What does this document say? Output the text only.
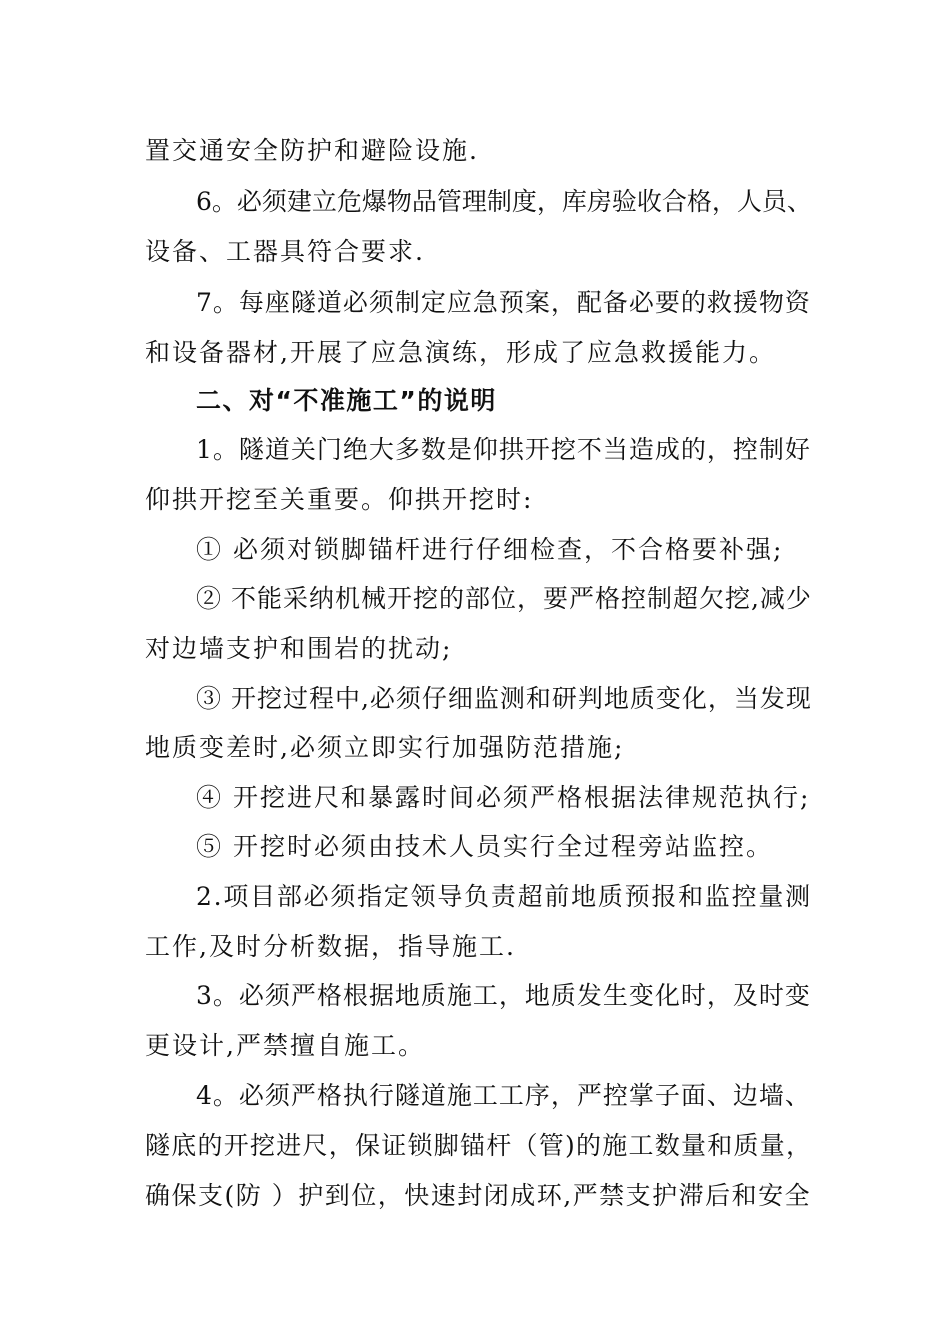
置交通安全防护和避险设施.
6。必须建立危爆物品管理制度，库房验收合格，人员、
设备、工器具符合要求.
7。每座隧道必须制定应急预案，配备必要的救援物资
和设备器材,开展了应急演练，形成了应急救援能力。
二、对“不准施工”的说明
1。隧道关门绝大多数是仰拱开挖不当造成的，控制好
仰拱开挖至关重要。仰拱开挖时:
① 必须对锁脚锚杆进行仔细检查，不合格要补强;
② 不能采纳机械开挖的部位，要严格控制超欠挖,减少
对边墙支护和围岩的扰动;
③ 开挖过程中,必须仔细监测和研判地质变化，当发现
地质变差时,必须立即实行加强防范措施;
④ 开挖进尺和暴露时间必须严格根据法律规范执行;
⑤ 开挖时必须由技术人员实行全过程旁站监控。
2.项目部必须指定领导负责超前地质预报和监控量测
工作,及时分析数据，指导施工.
3。必须严格根据地质施工，地质发生变化时，及时变
更设计,严禁擅自施工。
4。必须严格执行隧道施工工序，严控掌子面、边墙、
隧底的开挖进尺，保证锁脚锚杆（管)的施工数量和质量，
确保支(防 ）护到位，快速封闭成环,严禁支护滞后和安全
